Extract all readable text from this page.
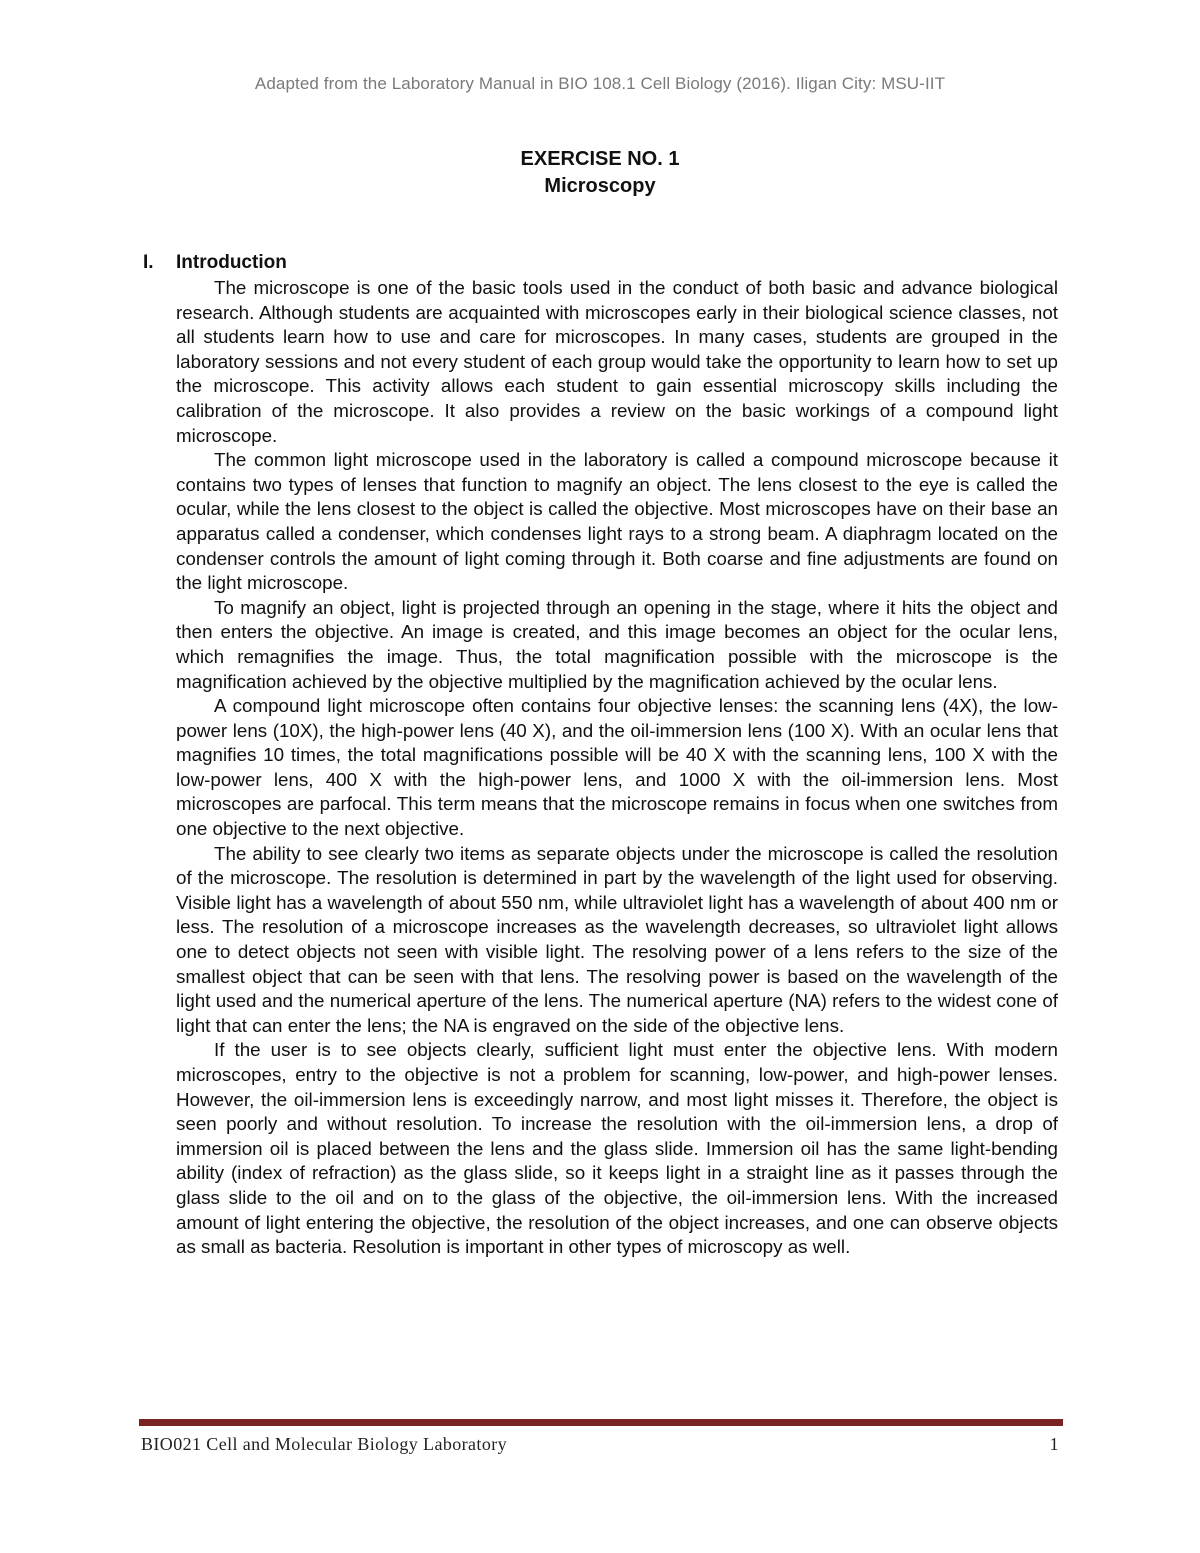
Adapted from the Laboratory Manual in BIO 108.1 Cell Biology (2016). Iligan City: MSU-IIT
EXERCISE NO. 1
Microscopy
I. Introduction

The microscope is one of the basic tools used in the conduct of both basic and advance biological research. Although students are acquainted with microscopes early in their biological science classes, not all students learn how to use and care for microscopes. In many cases, students are grouped in the laboratory sessions and not every student of each group would take the opportunity to learn how to set up the microscope. This activity allows each student to gain essential microscopy skills including the calibration of the microscope. It also provides a review on the basic workings of a compound light microscope.

The common light microscope used in the laboratory is called a compound microscope because it contains two types of lenses that function to magnify an object. The lens closest to the eye is called the ocular, while the lens closest to the object is called the objective. Most microscopes have on their base an apparatus called a condenser, which condenses light rays to a strong beam. A diaphragm located on the condenser controls the amount of light coming through it. Both coarse and fine adjustments are found on the light microscope.

To magnify an object, light is projected through an opening in the stage, where it hits the object and then enters the objective. An image is created, and this image becomes an object for the ocular lens, which remagnifies the image. Thus, the total magnification possible with the microscope is the magnification achieved by the objective multiplied by the magnification achieved by the ocular lens.

A compound light microscope often contains four objective lenses: the scanning lens (4X), the low-power lens (10X), the high-power lens (40 X), and the oil-immersion lens (100 X). With an ocular lens that magnifies 10 times, the total magnifications possible will be 40 X with the scanning lens, 100 X with the low-power lens, 400 X with the high-power lens, and 1000 X with the oil-immersion lens. Most microscopes are parfocal. This term means that the microscope remains in focus when one switches from one objective to the next objective.

The ability to see clearly two items as separate objects under the microscope is called the resolution of the microscope. The resolution is determined in part by the wavelength of the light used for observing. Visible light has a wavelength of about 550 nm, while ultraviolet light has a wavelength of about 400 nm or less. The resolution of a microscope increases as the wavelength decreases, so ultraviolet light allows one to detect objects not seen with visible light. The resolving power of a lens refers to the size of the smallest object that can be seen with that lens. The resolving power is based on the wavelength of the light used and the numerical aperture of the lens. The numerical aperture (NA) refers to the widest cone of light that can enter the lens; the NA is engraved on the side of the objective lens.

If the user is to see objects clearly, sufficient light must enter the objective lens. With modern microscopes, entry to the objective is not a problem for scanning, low-power, and high-power lenses. However, the oil-immersion lens is exceedingly narrow, and most light misses it. Therefore, the object is seen poorly and without resolution. To increase the resolution with the oil-immersion lens, a drop of immersion oil is placed between the lens and the glass slide. Immersion oil has the same light-bending ability (index of refraction) as the glass slide, so it keeps light in a straight line as it passes through the glass slide to the oil and on to the glass of the objective, the oil-immersion lens. With the increased amount of light entering the objective, the resolution of the object increases, and one can observe objects as small as bacteria. Resolution is important in other types of microscopy as well.

BIO021 Cell and Molecular Biology Laboratory	1
